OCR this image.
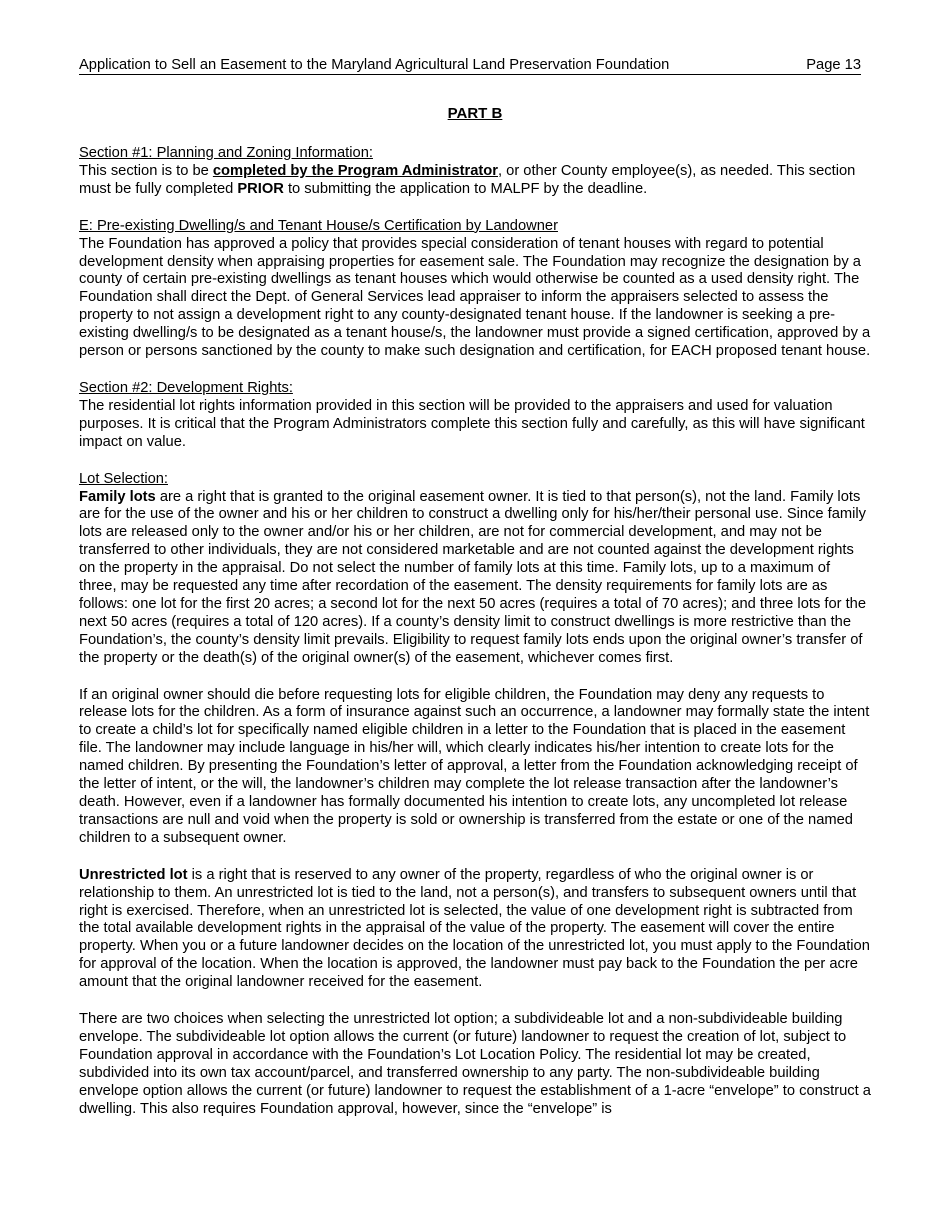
Application to Sell an Easement to the Maryland Agricultural Land Preservation Foundation	Page 13
PART B

Section #1: Planning and Zoning Information:

This section is to be completed by the Program Administrator, or other County employee(s), as needed. This section must be fully completed PRIOR to submitting the application to MALPF by the deadline.

E: Pre-existing Dwelling/s and Tenant House/s Certification by Landowner

The Foundation has approved a policy that provides special consideration of tenant houses with regard to potential development density when appraising properties for easement sale. The Foundation may recognize the designation by a county of certain pre-existing dwellings as tenant houses which would otherwise be counted as a used density right. The Foundation shall direct the Dept. of General Services lead appraiser to inform the appraisers selected to assess the property to not assign a development right to any county-designated tenant house. If the landowner is seeking a pre-existing dwelling/s to be designated as a tenant house/s, the landowner must provide a signed certification, approved by a person or persons sanctioned by the county to make such designation and certification, for EACH proposed tenant house.

Section #2: Development Rights:

The residential lot rights information provided in this section will be provided to the appraisers and used for valuation purposes. It is critical that the Program Administrators complete this section fully and carefully, as this will have significant impact on value.

Lot Selection:

Family lots are a right that is granted to the original easement owner. It is tied to that person(s), not the land. Family lots are for the use of the owner and his or her children to construct a dwelling only for his/her/their personal use. Since family lots are released only to the owner and/or his or her children, are not for commercial development, and may not be transferred to other individuals, they are not considered marketable and are not counted against the development rights on the property in the appraisal. Do not select the number of family lots at this time. Family lots, up to a maximum of three, may be requested any time after recordation of the easement. The density requirements for family lots are as follows: one lot for the first 20 acres; a second lot for the next 50 acres (requires a total of 70 acres); and three lots for the next 50 acres (requires a total of 120 acres). If a county’s density limit to construct dwellings is more restrictive than the Foundation’s, the county’s density limit prevails. Eligibility to request family lots ends upon the original owner’s transfer of the property or the death(s) of the original owner(s) of the easement, whichever comes first.

If an original owner should die before requesting lots for eligible children, the Foundation may deny any requests to release lots for the children. As a form of insurance against such an occurrence, a landowner may formally state the intent to create a child’s lot for specifically named eligible children in a letter to the Foundation that is placed in the easement file. The landowner may include language in his/her will, which clearly indicates his/her intention to create lots for the named children. By presenting the Foundation’s letter of approval, a letter from the Foundation acknowledging receipt of the letter of intent, or the will, the landowner’s children may complete the lot release transaction after the landowner’s death. However, even if a landowner has formally documented his intention to create lots, any uncompleted lot release transactions are null and void when the property is sold or ownership is transferred from the estate or one of the named children to a subsequent owner.

Unrestricted lot is a right that is reserved to any owner of the property, regardless of who the original owner is or relationship to them. An unrestricted lot is tied to the land, not a person(s), and transfers to subsequent owners until that right is exercised. Therefore, when an unrestricted lot is selected, the value of one development right is subtracted from the total available development rights in the appraisal of the value of the property. The easement will cover the entire property. When you or a future landowner decides on the location of the unrestricted lot, you must apply to the Foundation for approval of the location. When the location is approved, the landowner must pay back to the Foundation the per acre amount that the original landowner received for the easement.

There are two choices when selecting the unrestricted lot option; a subdivideable lot and a non-subdivideable building envelope. The subdivideable lot option allows the current (or future) landowner to request the creation of lot, subject to Foundation approval in accordance with the Foundation’s Lot Location Policy. The residential lot may be created, subdivided into its own tax account/parcel, and transferred ownership to any party. The non-subdivideable building envelope option allows the current (or future) landowner to request the establishment of a 1-acre “envelope” to construct a dwelling. This also requires Foundation approval, however, since the “envelope” is
